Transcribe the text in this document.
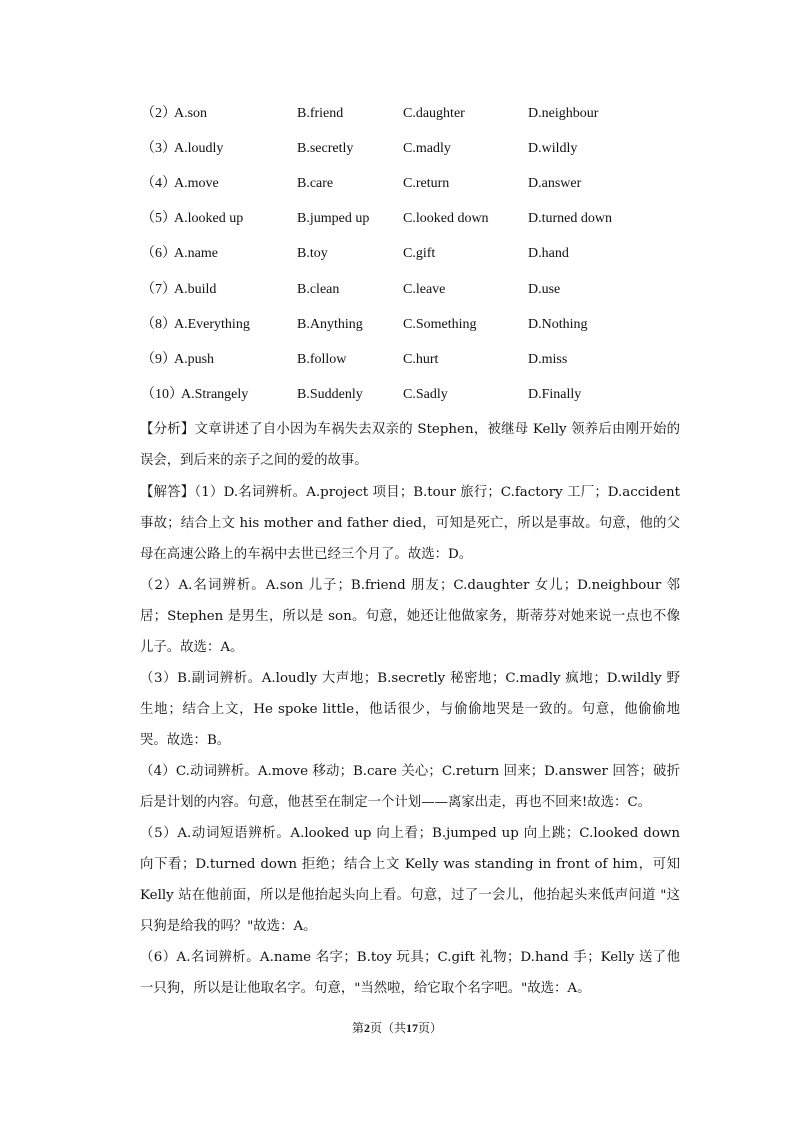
（2）
A.son	B.friend	C.daughter	D.neighbour
（3）
A.loudly	B.secretly	C.madly	D.wildly
（4）
A.move	B.care	C.return	D.answer
（5）
A.looked up	B.jumped up C.looked down	D.turned down
（6）
A.name	B.toy	C.gift	D.hand
（7）
A.build	B.clean	C.leave	D.use
（8）
A.Everything	B.Anything	C.Something	D.Nothing
（9）
A.push	B.follow	C.hurt	D.miss
（10）
A.Strangely	B.Suddenly	C.Sadly	D.Finally

【分析】文章讲述了自小因为车祸失去双亲的 Stephen，被继母 Kelly 领养后由刚开始的误会，到后来的亲子之间的爱的故事。

【解答】（1）D.名词辨析。A.project 项目；B.tour 旅行；C.factory 工厂；D.accident 事故；结合上文 his mother and father died，可知是死亡，所以是事故。句意，他的父母在高速公路上的车祸中去世已经三个月了。故选：D。

（2）A.名词辨析。A.son 儿子；B.friend 朋友；C.daughter 女儿；D.neighbour 邻居；Stephen 是男生，所以是 son。句意，她还让他做家务，斯蒂芬对她来说一点也不像儿子。故选：A。

（3）B.副词辨析。A.loudly 大声地；B.secretly 秘密地；C.madly 疯地；D.wildly 野生地；结合上文，He spoke little，他话很少，与偷偷地哭是一致的。句意，他偷偷地哭。故选：B。

（4）C.动词辨析。A.move 移动；B.care 关心；C.return 回来；D.answer 回答；破折后是计划的内容。句意，他甚至在制定一个计划——离家出走，再也不回来!故选：C。

（5）A.动词短语辨析。A.looked up 向上看；B.jumped up 向上跳；C.looked down 向下看；D.turned down 拒绝；结合上文 Kelly was standing in front of him，可知 Kelly 站在他前面，所以是他抬起头向上看。句意，过了一会儿，他抬起头来低声问道 "这只狗是给我的吗？"故选：A。

（6）A.名词辨析。A.name 名字；B.toy 玩具；C.gift 礼物；D.hand 手；Kelly 送了他一只狗，所以是让他取名字。句意，"当然啦，给它取个名字吧。"故选：A。

第2页（共17页）
